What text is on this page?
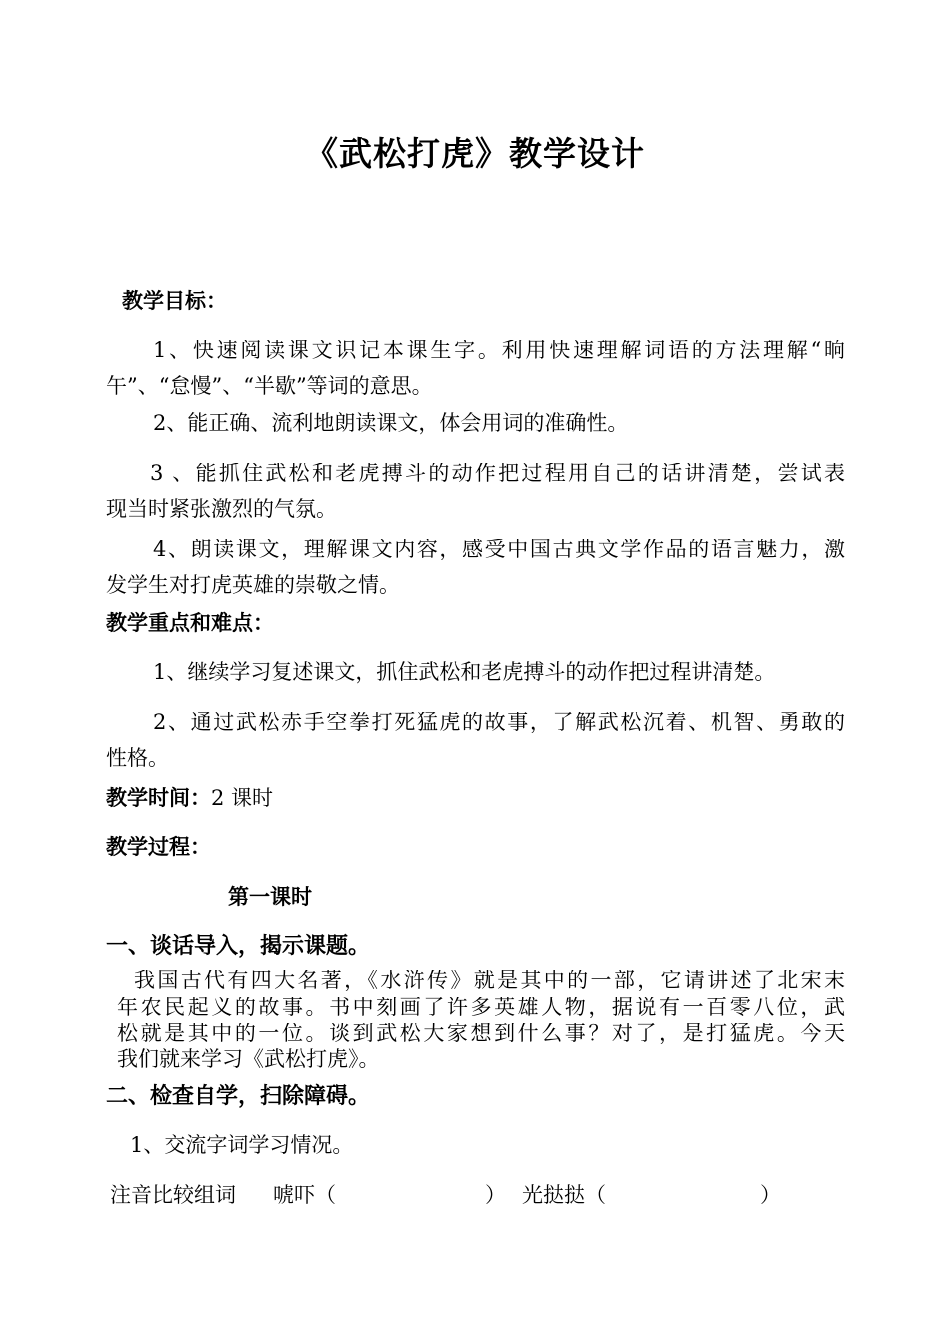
《武松打虎》教学设计
教学目标：
1、快速阅读课文识记本课生字。利用快速理解词语的方法理解“晌
午”、“怠慢”、“半歇”等词的意思。
2、能正确、流利地朗读课文，体会用词的准确性。
3 、能抓住武松和老虎搏斗的动作把过程用自己的话讲清楚，尝试表
现当时紧张激烈的气氛。
4、朗读课文，理解课文内容，感受中国古典文学作品的语言魅力，激
发学生对打虎英雄的崇敬之情。
教学重点和难点：
1、继续学习复述课文，抓住武松和老虎搏斗的动作把过程讲清楚。
2、通过武松赤手空拳打死猛虎的故事，了解武松沉着、机智、勇敢的
性格。
教学时间：2 课时
教学过程：
第一课时
一、谈话导入，揭示课题。
我国古代有四大名著，《水浒传》就是其中的一部，它请讲述了北宋末
年农民起义的故事。书中刻画了许多英雄人物，据说有一百零八位，武
松就是其中的一位。谈到武松大家想到什么事？对了，是打猛虎。今天
我们就来学习《武松打虎》。
二、检查自学，扫除障碍。
1、交流字词学习情况。
注音比较组词 唬吓（	） 光挞挞（	）
